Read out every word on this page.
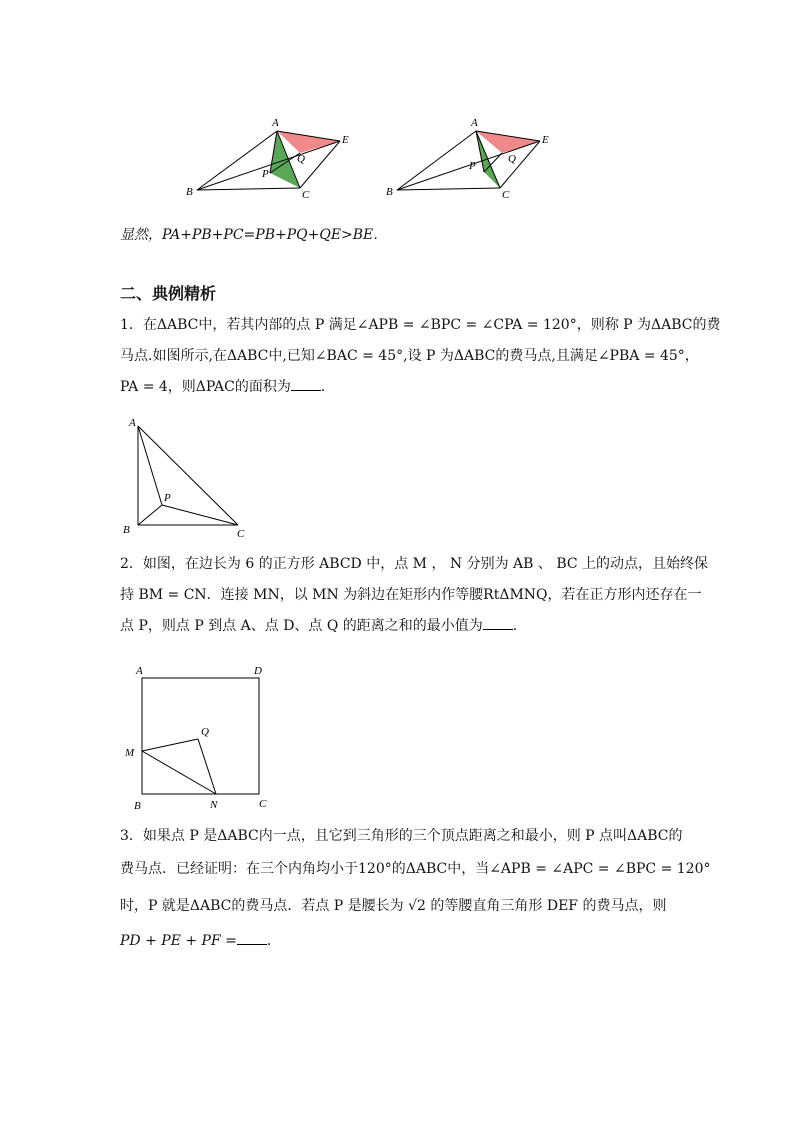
A
E
Q
P
B	C
A
E
Q
P
B	C
显然，PA+PB+PC=PB+PQ+QE>BE．
二、典例精析
1．在ΔABC中，若其内部的点 P 满足∠APB = ∠BPC = ∠CPA = 120°，则称 P 为ΔABC的费
马点.如图所示,在ΔABC中,已知∠BAC = 45°,设 P 为ΔABC的费马点,且满足∠PBA = 45°，
PA = 4，则ΔPAC的面积为 ．
A
P
B	C
2．如图，在边长为 6 的正方形 ABCD 中，点 M ， N 分别为 AB 、 BC 上的动点，且始终保
持 BM = CN．连接 MN，以 MN 为斜边在矩形内作等腰RtΔMNQ，若在正方形内还存在一
点 P，则点 P 到点 A、点 D、点 Q 的距离之和的最小值为 ．
A	D
Q
M
B	N	C
3．如果点 P 是ΔABC内一点，且它到三角形的三个顶点距离之和最小，则 P 点叫ΔABC的
费马点．已经证明：在三个内角均小于120°的ΔABC中，当∠APB = ∠APC = ∠BPC = 120°
时，P 就是ΔABC的费马点．若点 P 是腰长为 √2 的等腰直角三角形 DEF 的费马点，则
PD + PE + PF = ．
